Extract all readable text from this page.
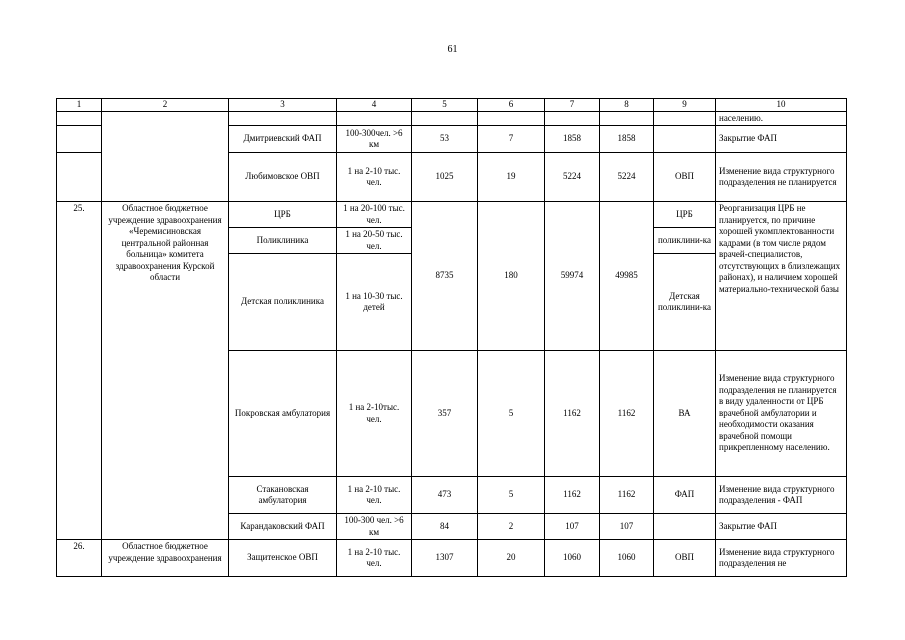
61
1	2	3	4	5	6	7	8	9	10
									населению.
		Дмитриевский ФАП	100-300чел. >6 км	53	7	1858	1858		Закрытие ФАП
		Любимовское ОВП	1 на 2-10 тыс. чел.	1025	19	5224	5224	ОВП	Изменение вида структурного подразделения не планируется
25.	Областное бюджетное учреждение здравоохранения «Черемисиновская центральной районная больница» комитета здравоохранения Курской области	ЦРБ	1 на 20-100 тыс. чел.	8735	180	59974	49985	ЦРБ	Реорганизация ЦРБ не планируется, по причине хорошей укомплектованности кадрами (в том числе рядом врачей-специалистов, отсутствующих в близлежащих районах), и наличием хорошей материально-технической базы
		Поликлиника	1 на 20-50 тыс. чел.					поликлини-ка	
		Детская поликлиника	1 на 10-30 тыс. детей					Детская поликлини-ка	
		Покровская амбулатория	1 на 2-10тыс. чел.	357	5	1162	1162	ВА	Изменение вида структурного подразделения не планируется в виду удаленности от ЦРБ врачебной амбулатории и необходимости оказания врачебной помощи прикрепленному населению.
		Стакановская амбулатория	1 на 2-10 тыс. чел.	473	5	1162	1162	ФАП	Изменение вида структурного подразделения - ФАП
		Карандаковский ФАП	100-300 чел. >6 км	84	2	107	107		Закрытие ФАП
26.	Областное бюджетное учреждение здравоохранения	Защитенское ОВП	1 на 2-10 тыс. чел.	1307	20	1060	1060	ОВП	Изменение вида структурного подразделения не
